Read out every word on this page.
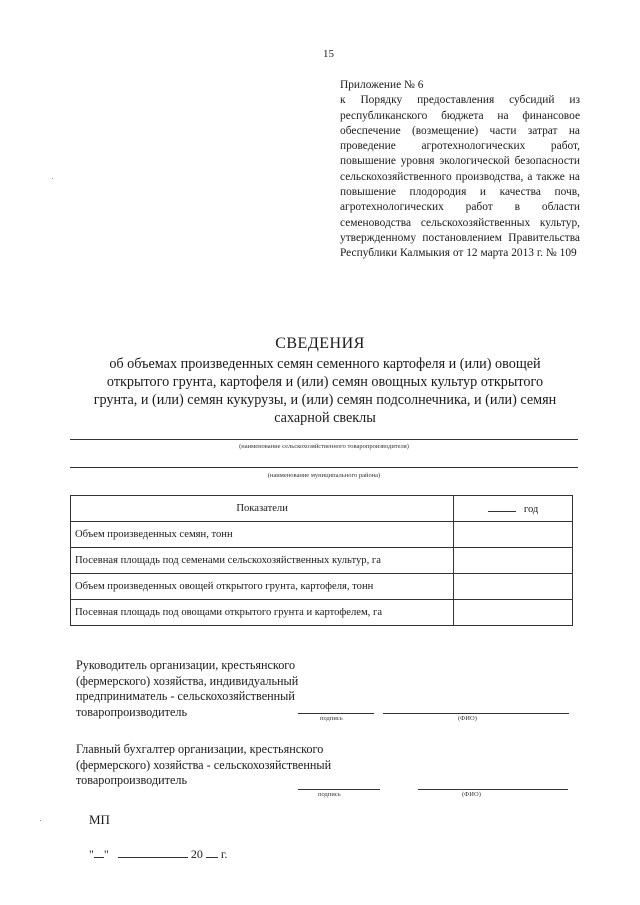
15
Приложение № 6
к Порядку предоставления субсидий из республиканского бюджета на финансовое обеспечение (возмещение) части затрат на проведение агротехнологических работ, повышение уровня экологической безопасности сельскохозяйственного производства, а также на повышение плодородия и качества почв, агротехнологических работ в области семеноводства сельскохозяйственных культур, утвержденному постановлением Правительства Республики Калмыкия от 12 марта 2013 г. № 109
СВЕДЕНИЯ
об объемах произведенных семян семенного картофеля и (или) овощей открытого грунта, картофеля и (или) семян овощных культур открытого грунта, и (или) семян кукурузы, и (или) семян подсолнечника, и (или) семян сахарной свеклы
(наименование сельскохозяйственного товаропроизводителя)
(наименование муниципального района)
Показатели	год
Объем произведенных семян, тонн	
Посевная площадь под семенами сельскохозяйственных культур, га	
Объем произведенных овощей открытого грунта, картофеля, тонн	
Посевная площадь под овощами открытого грунта и картофелем, га	
Руководитель организации, крестьянского (фермерского) хозяйства, индивидуальный предприниматель - сельскохозяйственный товаропроизводитель	подпись	(ФИО)
Главный бухгалтер организации, крестьянского (фермерского) хозяйства - сельскохозяйственный товаропроизводитель
подпись	(ФИО)
МП
" "	20 г.
